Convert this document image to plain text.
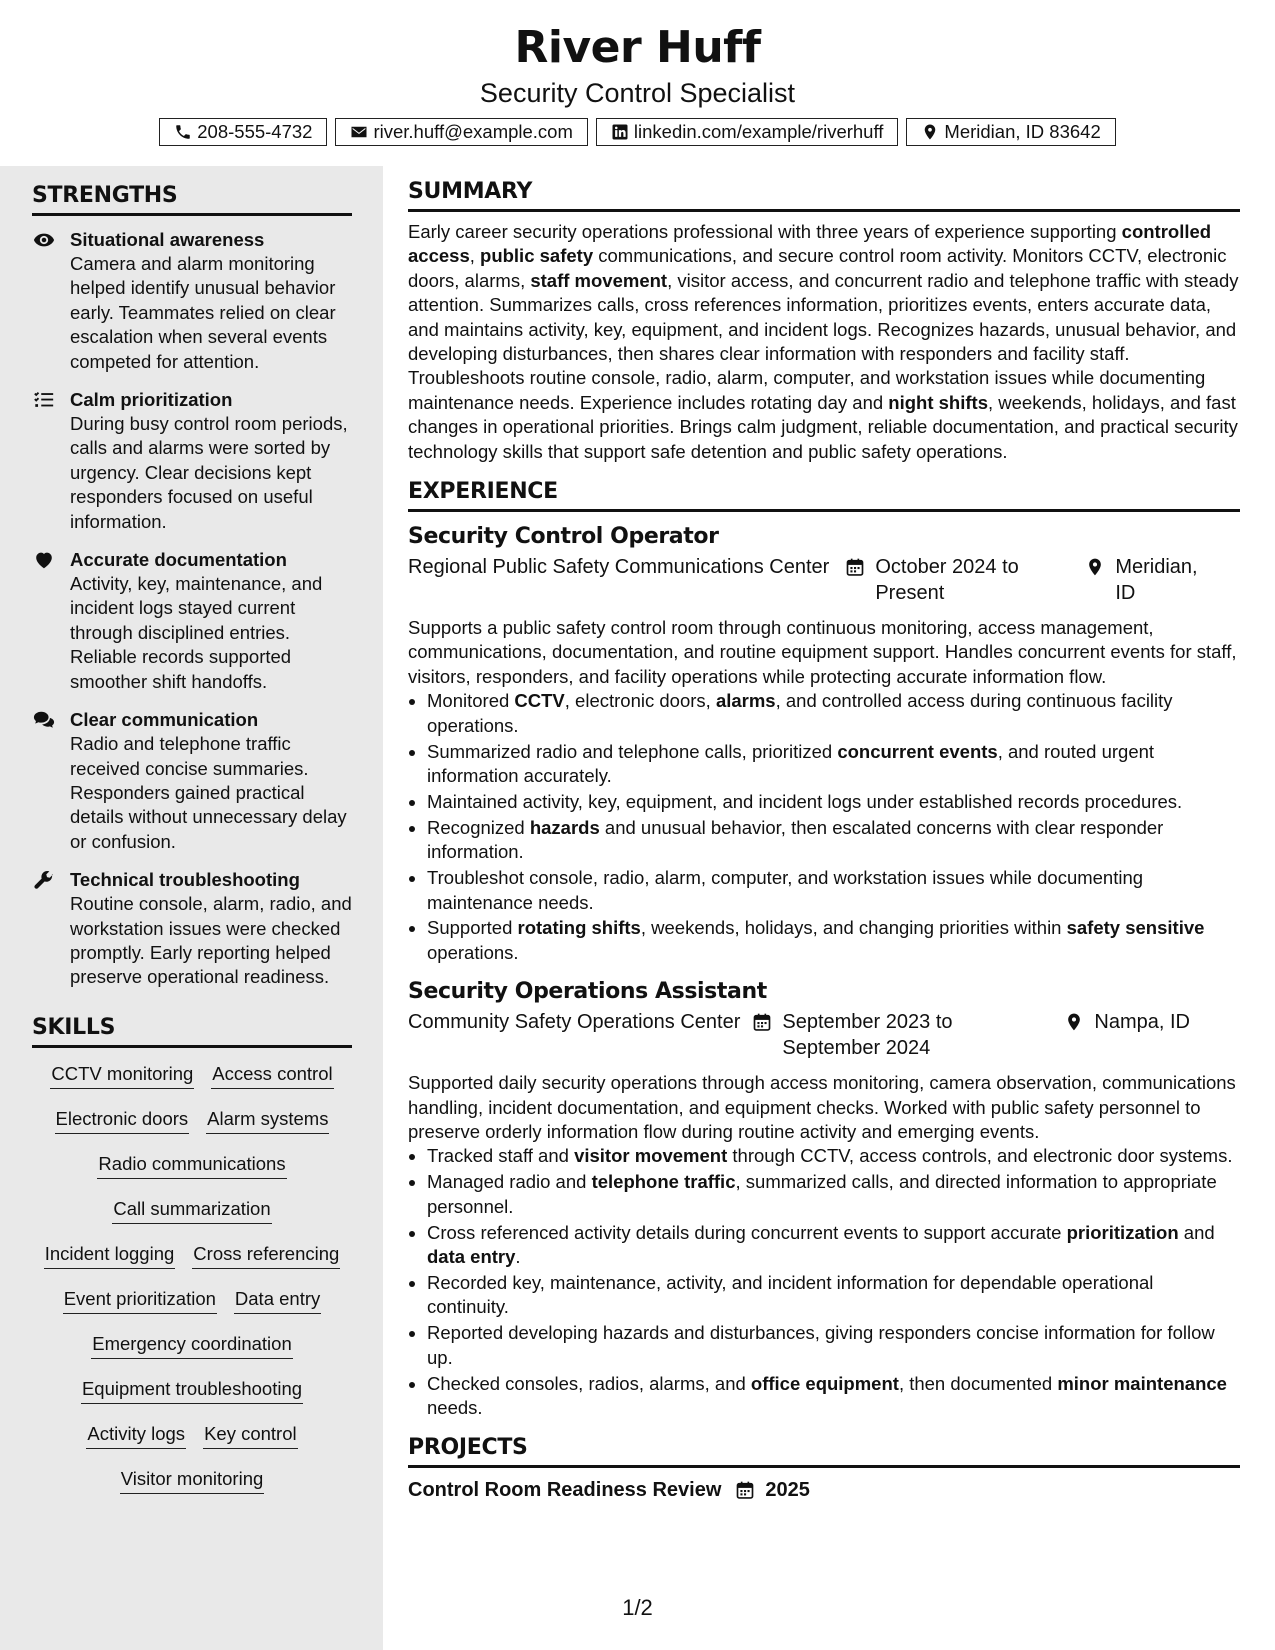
River Huff
Security Control Specialist
208-555-4732	river.huff@example.com	linkedin.com/example/riverhuff	Meridian, ID 83642
STRENGTHS
Situational awareness
Camera and alarm monitoring helped identify unusual behavior early. Teammates relied on clear escalation when several events competed for attention.
Calm prioritization
During busy control room periods, calls and alarms were sorted by urgency. Clear decisions kept responders focused on useful information.
Accurate documentation
Activity, key, maintenance, and incident logs stayed current through disciplined entries. Reliable records supported smoother shift handoffs.
Clear communication
Radio and telephone traffic received concise summaries. Responders gained practical details without unnecessary delay or confusion.
Technical troubleshooting
Routine console, alarm, radio, and workstation issues were checked promptly. Early reporting helped preserve operational readiness.
SKILLS
CCTV monitoring Access control
Electronic doors Alarm systems
Radio communications
Call summarization
Incident logging Cross referencing
Event prioritization Data entry
Emergency coordination
Equipment troubleshooting
Activity logs Key control
Visitor monitoring
SUMMARY

Early career security operations professional with three years of experience supporting controlled access, public safety communications, and secure control room activity. Monitors CCTV, electronic doors, alarms, staff movement, visitor access, and concurrent radio and telephone traffic with steady attention. Summarizes calls, cross references information, prioritizes events, enters accurate data, and maintains activity, key, equipment, and incident logs. Recognizes hazards, unusual behavior, and developing disturbances, then shares clear information with responders and facility staff. Troubleshoots routine console, radio, alarm, computer, and workstation issues while documenting maintenance needs. Experience includes rotating day and night shifts, weekends, holidays, and fast changes in operational priorities. Brings calm judgment, reliable documentation, and practical security technology skills that support safe detention and public safety operations.

EXPERIENCE
Security Control Operator
Regional Public Safety Communications Center October 2024 to Present
Meridian, ID

Supports a public safety control room through continuous monitoring, access management, communications, documentation, and routine equipment support. Handles concurrent events for staff, visitors, responders, and facility operations while protecting accurate information flow.

• Monitored CCTV, electronic doors, alarms, and controlled access during continuous facility operations.
• Summarized radio and telephone calls, prioritized concurrent events, and routed urgent information accurately.
• Maintained activity, key, equipment, and incident logs under established records procedures.
• Recognized hazards and unusual behavior, then escalated concerns with clear responder information.
• Troubleshot console, radio, alarm, computer, and workstation issues while documenting maintenance needs.
• Supported rotating shifts, weekends, holidays, and changing priorities within safety sensitive operations.
Security Operations Assistant
Community Safety Operations Center September 2023 to September 2024
Nampa, ID

Supported daily security operations through access monitoring, camera observation, communications handling, incident documentation, and equipment checks. Worked with public safety personnel to preserve orderly information flow during routine activity and emerging events.

• Tracked staff and visitor movement through CCTV, access controls, and electronic door systems.
• Managed radio and telephone traffic, summarized calls, and directed information to appropriate personnel.
• Cross referenced activity details during concurrent events to support accurate prioritization and data entry.
• Recorded key, maintenance, activity, and incident information for dependable operational continuity.
• Reported developing hazards and disturbances, giving responders concise information for follow up.
• Checked consoles, radios, alarms, and office equipment, then documented minor maintenance needs.
PROJECTS
Control Room Readiness Review 2025
1/2
